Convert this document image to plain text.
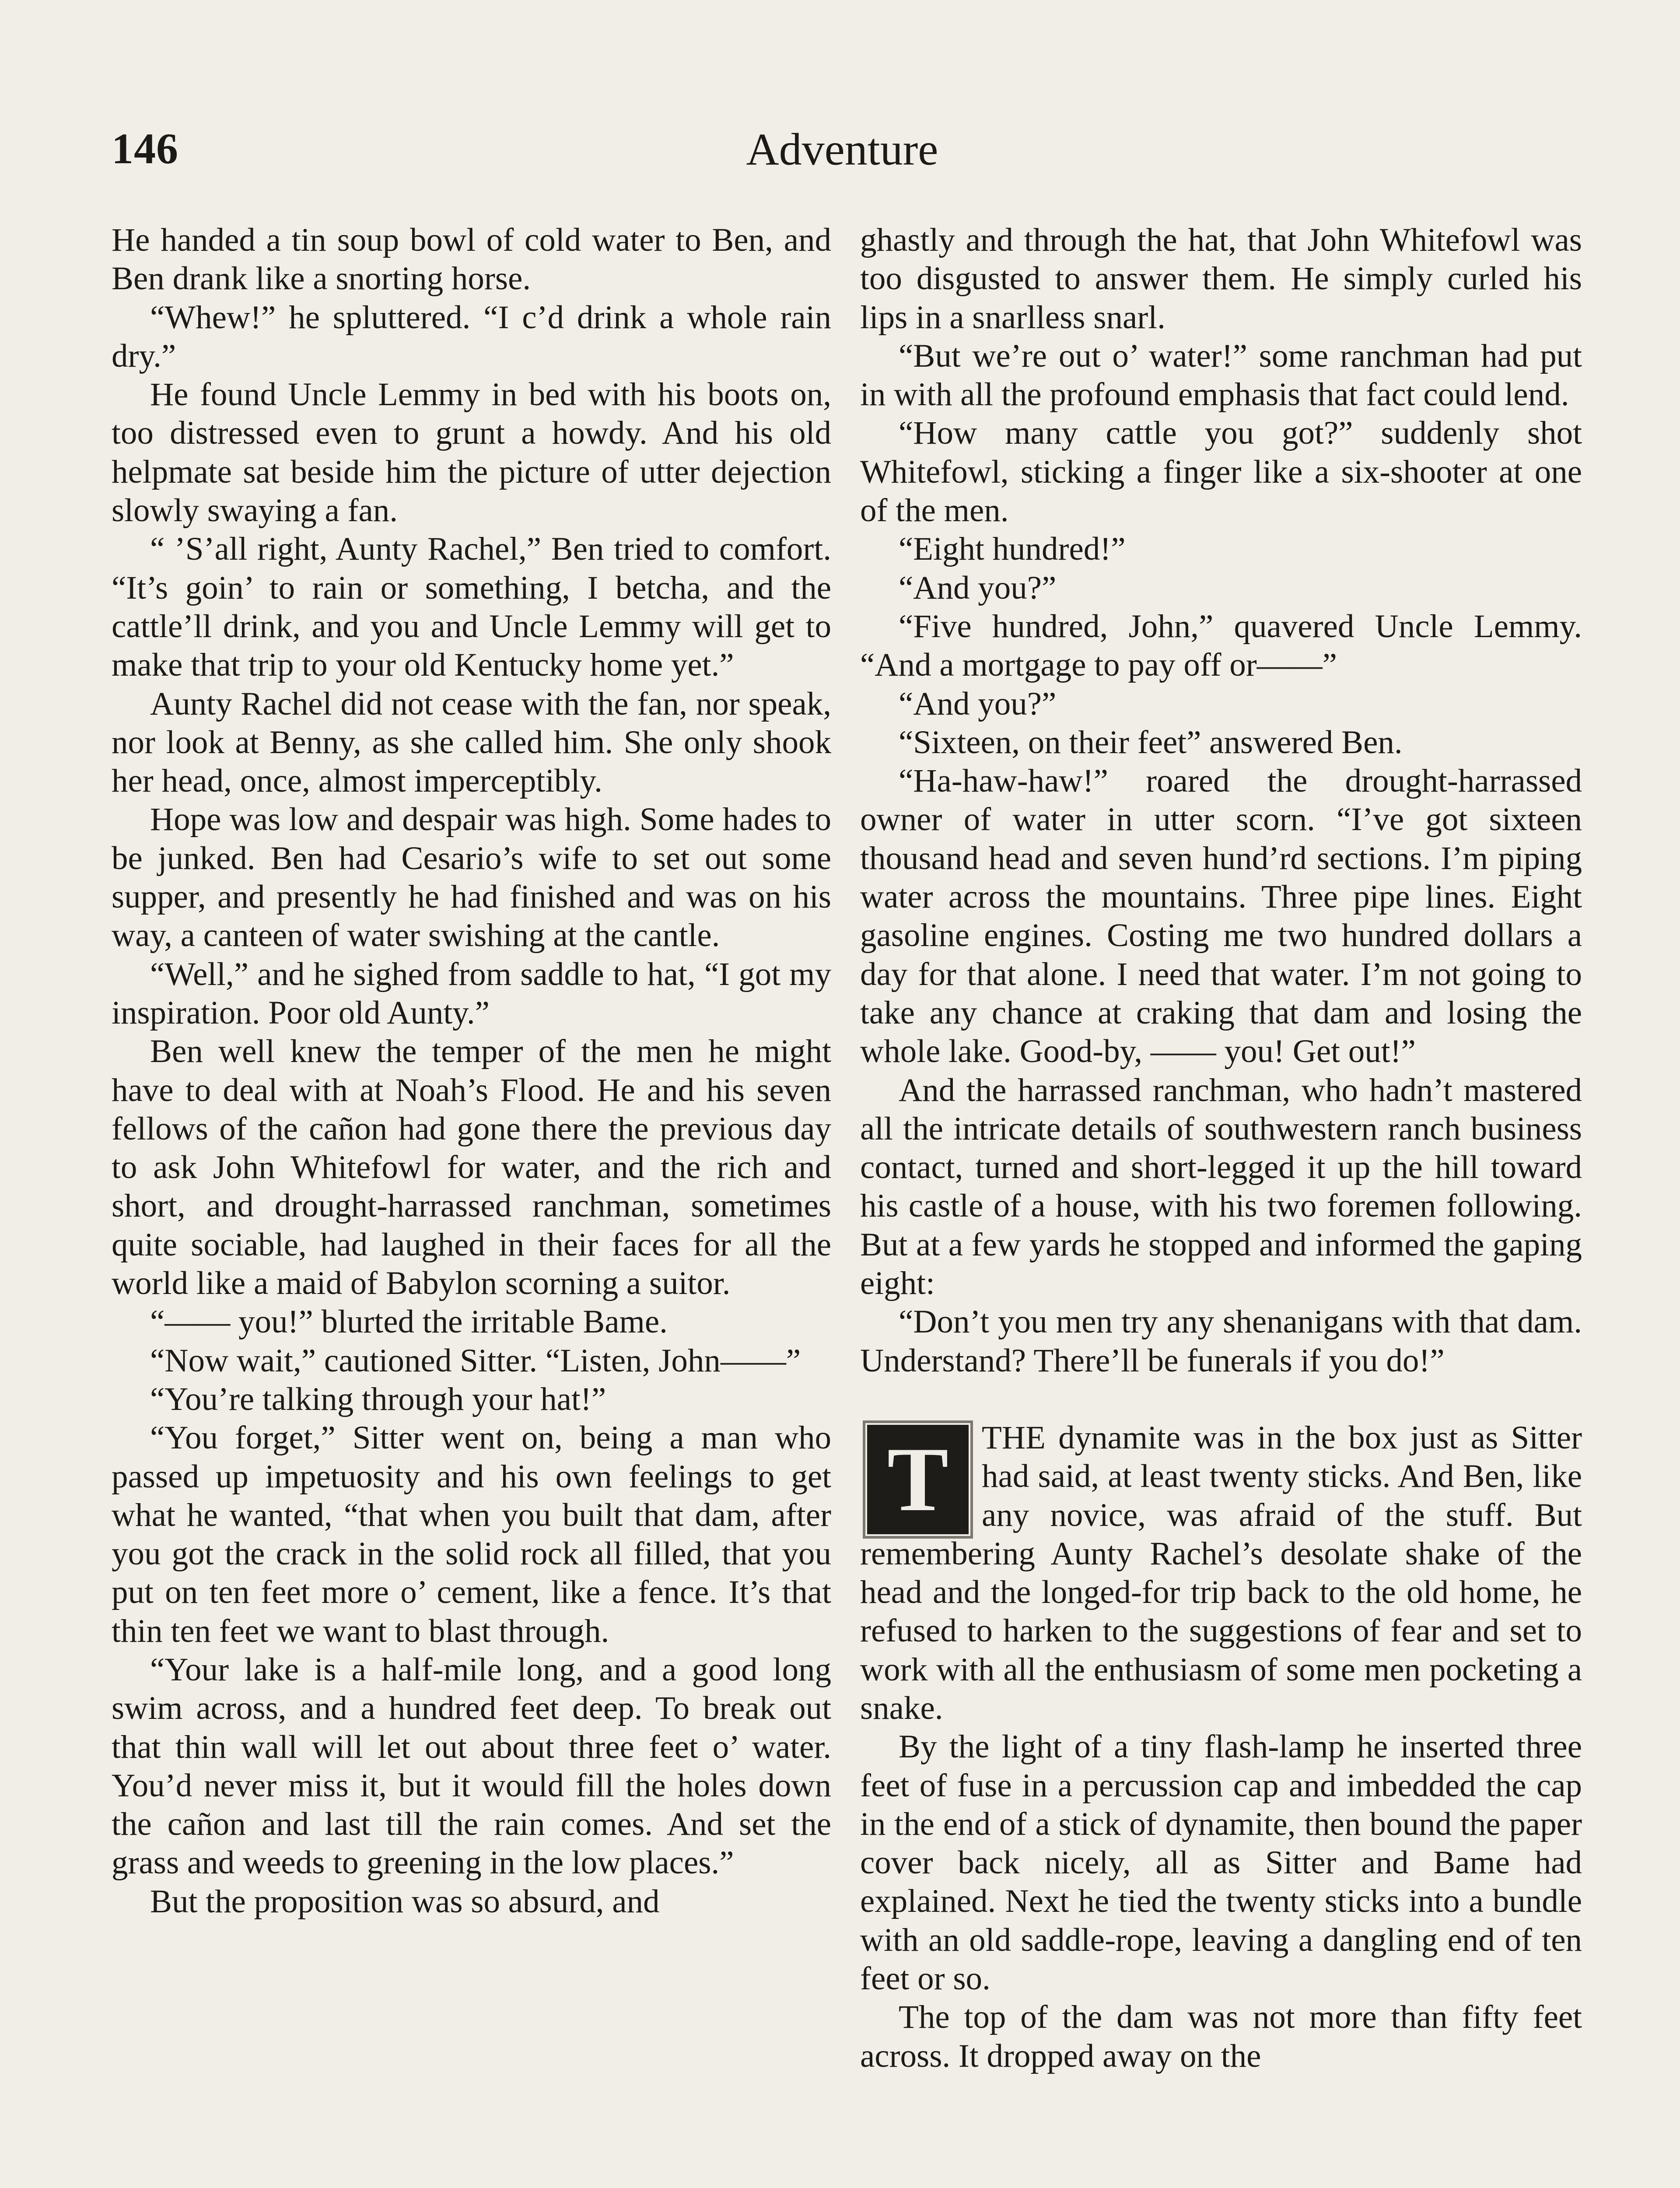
146	Adventure

He handed a tin soup bowl of cold water to Ben, and Ben drank like a snorting horse.

“Whew!” he spluttered. “I c’d drink a whole rain dry.”

He found Uncle Lemmy in bed with his boots on, too distressed even to grunt a howdy. And his old helpmate sat beside him the picture of utter dejection slowly swaying a fan.

“ ’S’all right, Aunty Rachel,” Ben tried to comfort. “It’s goin’ to rain or something, I betcha, and the cattle’ll drink, and you and Uncle Lemmy will get to make that trip to your old Kentucky home yet.”

Aunty Rachel did not cease with the fan, nor speak, nor look at Benny, as she called him. She only shook her head, once, almost imperceptibly.

Hope was low and despair was high. Some hades to be junked. Ben had Cesario’s wife to set out some supper, and presently he had finished and was on his way, a canteen of water swishing at the cantle.

“Well,” and he sighed from saddle to hat, “I got my inspiration. Poor old Aunty.”

Ben well knew the temper of the men he might have to deal with at Noah’s Flood. He and his seven fellows of the cañon had gone there the previous day to ask John Whitefowl for water, and the rich and short, and drought-harrassed ranchman, sometimes quite sociable, had laughed in their faces for all the world like a maid of Babylon scorning a suitor.

“—— you!” blurted the irritable Bame.

“Now wait,” cautioned Sitter. “Listen, John——”

“You’re talking through your hat!”

“You forget,” Sitter went on, being a man who passed up impetuosity and his own feelings to get what he wanted, “that when you built that dam, after you got the crack in the solid rock all filled, that you put on ten feet more o’ cement, like a fence. It’s that thin ten feet we want to blast through.

“Your lake is a half-mile long, and a good long swim across, and a hundred feet deep. To break out that thin wall will let out about three feet o’ water. You’d never miss it, but it would fill the holes down the cañon and last till the rain comes. And set the grass and weeds to greening in the low places.”

But the proposition was so absurd, and

ghastly and through the hat, that John Whitefowl was too disgusted to answer them. He simply curled his lips in a snarlless snarl.

“But we’re out o’ water!” some ranchman had put in with all the profound emphasis that fact could lend.

“How many cattle you got?” suddenly shot Whitefowl, sticking a finger like a six-shooter at one of the men.

“Eight hundred!”

“And you?”

“Five hundred, John,” quavered Uncle Lemmy. “And a mortgage to pay off or——”

“And you?”

“Sixteen, on their feet” answered Ben.

“Ha-haw-haw!” roared the drought-harrassed owner of water in utter scorn. “I’ve got sixteen thousand head and seven hund’rd sections. I’m piping water across the mountains. Three pipe lines. Eight gasoline engines. Costing me two hundred dollars a day for that alone. I need that water. I’m not going to take any chance at craking that dam and losing the whole lake. Good-by, —— you! Get out!”

And the harrassed ranchman, who hadn’t mastered all the intricate details of southwestern ranch business contact, turned and short-legged it up the hill toward his castle of a house, with his two foremen following. But at a few yards he stopped and informed the gaping eight:

“Don’t you men try any shenanigans with that dam. Understand? There’ll be funerals if you do!”

T	THE dynamite was in the box just as Sitter had said, at least twenty sticks. And Ben, like any novice, was afraid of the stuff. But remembering Aunty Rachel’s desolate shake of the head and the longed-for trip back to the old home, he refused to harken to the suggestions of fear and set to work with all the enthusiasm of some men pocketing a snake.

By the light of a tiny flash-lamp he inserted three feet of fuse in a percussion cap and imbedded the cap in the end of a stick of dynamite, then bound the paper cover back nicely, all as Sitter and Bame had explained. Next he tied the twenty sticks into a bundle with an old saddle-rope, leaving a dangling end of ten feet or so.

The top of the dam was not more than fifty feet across. It dropped away on the
